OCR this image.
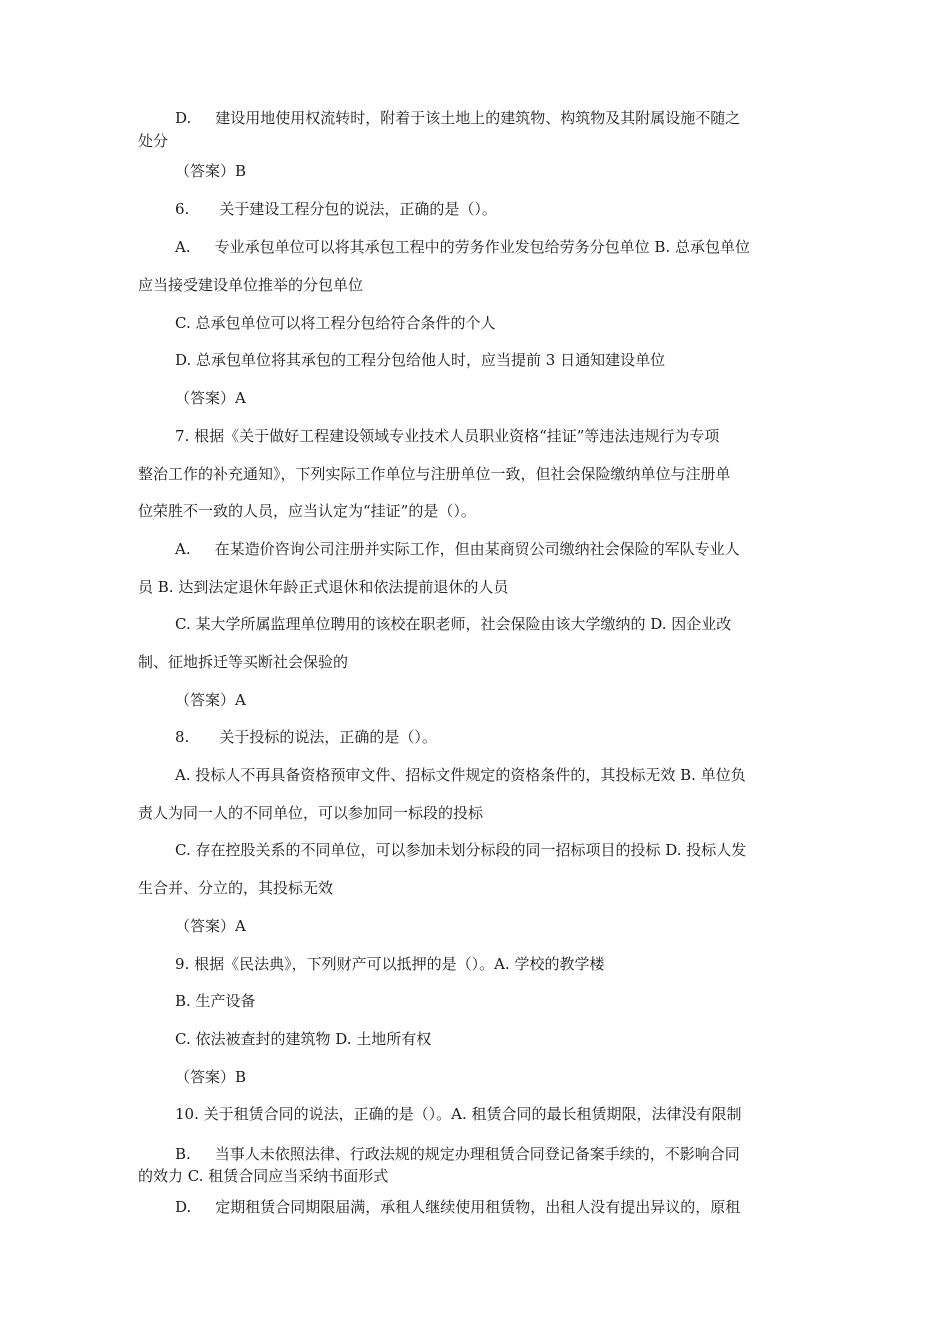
D. 建设用地使用权流转时，附着于该土地上的建筑物、构筑物及其附属设施不随之
处分
（答案）B
6. 关于建设工程分包的说法，正确的是（）。
A. 专业承包单位可以将其承包工程中的劳务作业发包给劳务分包单位 B. 总承包单位
应当接受建设单位推举的分包单位
C. 总承包单位可以将工程分包给符合条件的个人
D. 总承包单位将其承包的工程分包给他人时，应当提前 3 日通知建设单位
（答案）A
7. 根据《关于做好工程建设领域专业技术人员职业资格“挂证”等违法违规行为专项
整治工作的补充通知》，下列实际工作单位与注册单位一致，但社会保险缴纳单位与注册单
位荣胜不一致的人员，应当认定为“挂证”的是（）。
A. 在某造价咨询公司注册并实际工作，但由某商贸公司缴纳社会保险的军队专业人
员 B. 达到法定退休年龄正式退休和依法提前退休的人员
C. 某大学所属监理单位聘用的该校在职老师，社会保险由该大学缴纳的 D. 因企业改
制、征地拆迁等买断社会保验的
（答案）A
8. 关于投标的说法，正确的是（）。
A. 投标人不再具备资格预审文件、招标文件规定的资格条件的，其投标无效 B. 单位负
责人为同一人的不同单位，可以参加同一标段的投标
C. 存在控股关系的不同单位，可以参加未划分标段的同一招标项目的投标 D. 投标人发
生合并、分立的，其投标无效
（答案）A
9. 根据《民法典》，下列财产可以抵押的是（）。A. 学校的教学楼
B. 生产设备
C. 依法被查封的建筑物 D. 土地所有权
（答案）B
10. 关于租赁合同的说法，正确的是（）。A. 租赁合同的最长租赁期限，法律没有限制
B. 当事人未依照法律、行政法规的规定办理租赁合同登记备案手续的，不影响合同
的效力 C. 租赁合同应当采纳书面形式
D. 定期租赁合同期限届满，承租人继续使用租赁物，出租人没有提出异议的，原租
